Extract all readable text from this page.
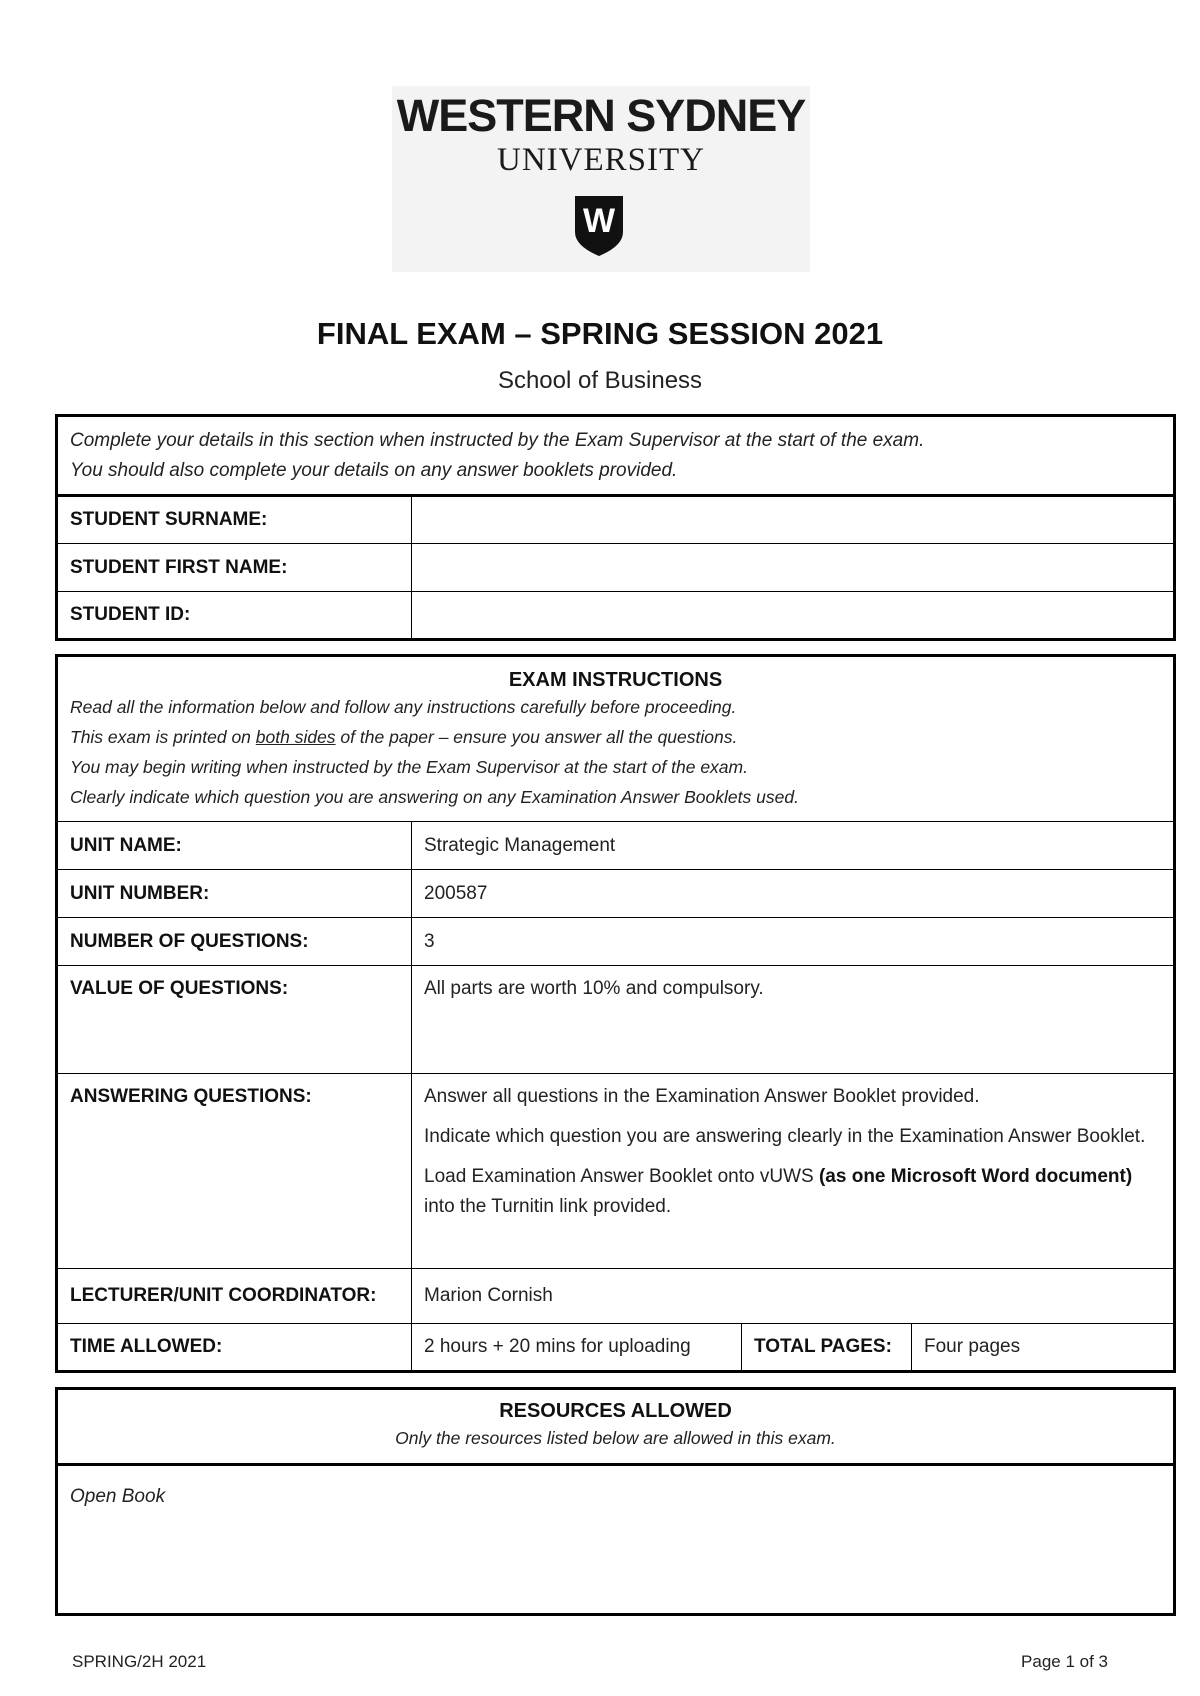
WESTERN SYDNEY
UNIVERSITY
W
FINAL EXAM – SPRING SESSION 2021
School of Business
Complete your details in this section when instructed by the Exam Supervisor at the start of the exam.
You should also complete your details on any answer booklets provided.	

STUDENT SURNAME:	
STUDENT FIRST NAME:	
STUDENT ID:	
EXAM INSTRUCTIONS
Read all the information below and follow any instructions carefully before proceeding.
This exam is printed on both sides of the paper – ensure you answer all the questions.
You may begin writing when instructed by the Exam Supervisor at the start of the exam.
Clearly indicate which question you are answering on any Examination Answer Booklets used.			

UNIT NAME:	Strategic Management		
UNIT NUMBER:	200587		
NUMBER OF QUESTIONS:	3		
VALUE OF QUESTIONS:	All parts are worth 10% and compulsory.		
ANSWERING QUESTIONS:	Answer all questions in the Examination Answer Booklet provided.

Indicate which question you are answering clearly in the Examination Answer Booklet.

Load Examination Answer Booklet onto vUWS (as one Microsoft Word document) into the Turnitin link provided.		

LECTURER/UNIT COORDINATOR:	Marion Cornish		
TIME ALLOWED:	2 hours + 20 mins for uploading	TOTAL PAGES:	Four pages
RESOURCES ALLOWED
Only the resources listed below are allowed in this exam.

Open Book
SPRING/2H 2021	Page 1 of 3
